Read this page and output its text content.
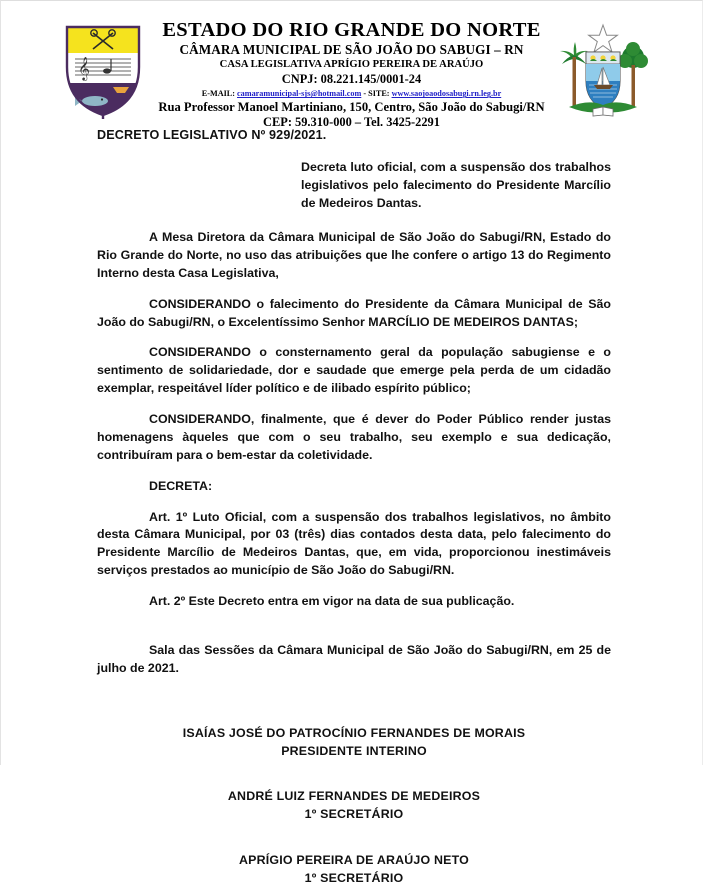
𝄞
ESTADO DO RIO GRANDE DO NORTE
CÂMARA MUNICIPAL DE SÃO JOÃO DO SABUGI – RN
CASA LEGISLATIVA APRÍGIO PEREIRA DE ARAÚJO
CNPJ: 08.221.145/0001-24
E-MAIL: camaramunicipal-sjs@hotmail.com - SITE: www.saojoaodosabugi.rn.leg.br
Rua Professor Manoel Martiniano, 150, Centro, São João do Sabugi/RN
CEP: 59.310-000 – Tel. 3425-2291
DECRETO LEGISLATIVO Nº 929/2021.
Decreta luto oficial, com a suspensão dos trabalhos legislativos pelo falecimento do Presidente Marcílio de Medeiros Dantas.
A Mesa Diretora da Câmara Municipal de São João do Sabugi/RN, Estado do Rio Grande do Norte, no uso das atribuições que lhe confere o artigo 13 do Regimento Interno desta Casa Legislativa,
CONSIDERANDO o falecimento do Presidente da Câmara Municipal de São João do Sabugi/RN, o Excelentíssimo Senhor MARCÍLIO DE MEDEIROS DANTAS;
CONSIDERANDO o consternamento geral da população sabugiense e o sentimento de solidariedade, dor e saudade que emerge pela perda de um cidadão exemplar, respeitável líder político e de ilibado espírito público;
CONSIDERANDO, finalmente, que é dever do Poder Público render justas homenagens àqueles que com o seu trabalho, seu exemplo e sua dedicação, contribuíram para o bem-estar da coletividade.
DECRETA:
Art. 1º Luto Oficial, com a suspensão dos trabalhos legislativos, no âmbito desta Câmara Municipal, por 03 (três) dias contados desta data, pelo falecimento do Presidente Marcílio de Medeiros Dantas, que, em vida, proporcionou inestimáveis serviços prestados ao município de São João do Sabugi/RN.
Art. 2º Este Decreto entra em vigor na data de sua publicação.
Sala das Sessões da Câmara Municipal de São João do Sabugi/RN, em 25 de julho de 2021.
ISAÍAS JOSÉ DO PATROCÍNIO FERNANDES DE MORAIS
PRESIDENTE INTERINO
ANDRÉ LUIZ FERNANDES DE MEDEIROS
1º SECRETÁRIO
APRÍGIO PEREIRA DE ARAÚJO NETO
1º SECRETÁRIO
